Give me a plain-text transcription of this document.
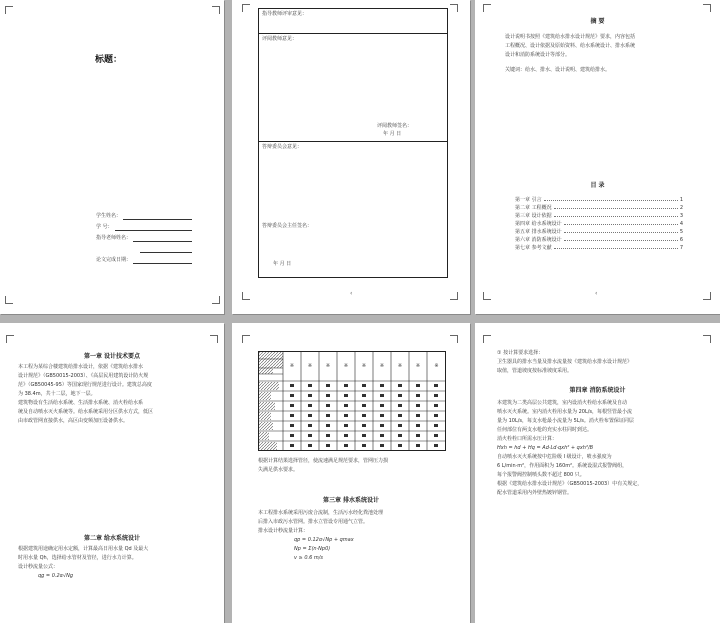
标题：
学生姓名：
学 号：
指导老师姓名：
论文完成日期：
指导教师评审意见：
评阅教师意见：
评阅教师签名：
年 月 日
答辩委员会意见：
答辩委员会主任签名：
年 月 日
‹
摘 要
设计说明书按照《建筑给水排水设计规范》要求，内容包括
工程概况、设计依据及原始资料、给水系统设计、排水系统
设计和消防系统设计等部分。
关键词：给水、排水、设计说明、建筑给排水。
目 录
第一章 引言	1
第二章 工程概况	2
第三章 设计依据	3
第四章 给水系统设计	4
第五章 排水系统设计	5
第六章 消防系统设计	6
第七章 参考文献	7
‹
第一章 设计技术要点
本工程为某综合楼建筑给排水设计，依据《建筑给水排水
设计规范》（GB50015-2003）、《高层民用建筑设计防火规
范》（GB50045-95）等国家现行规范进行设计。建筑总高度
为 38.4m，共十二层，地下一层。
建筑物设有生活给水系统、生活排水系统、消火栓给水系
统及自动喷水灭火系统等。给水系统采用分区供水方式，低区
由市政管网直接供水，高区由变频加压设备供水。
第二章 给水系统设计
根据建筑用途确定用水定额，计算最高日用水量 Qd 及最大
时用水量 Qh，选择给水管材及管径，进行水力计算。
设计秒流量公式：
qg = 0.2α√Ng
※	※	※	※	※	※	※	※	※
根据计算结果选择管径，使流速满足规范要求，管网压力损
失满足供水要求。
第三章 排水系统设计
本工程排水系统采用污废合流制，生活污水经化粪池处理
后排入市政污水管网。排水立管设专用通气立管。
排水设计秒流量计算：
qp = 0.12α√Np + qmax
Np = Σ(n·Np0)
v ≥ 0.6 m/s
① 按计算要求选择：
卫生器具的排水当量及排水流量按《建筑给水排水设计规范》
取值，管道坡度按标准坡度采用。
第四章 消防系统设计
本建筑为二类高层公共建筑，室内设消火栓给水系统及自动
喷水灭火系统。室内消火栓用水量为 20L/s，每根竖管最小流
量为 10L/s，每支水枪最小流量为 5L/s。消火栓布置保证同层
任何部位有两支水枪的充实水柱同时到达。
消火栓栓口所需水压计算：
Hxh = hd + Hq = Ad·Ld·qxh² + qxh²/B
自动喷水灭火系统按中危险级 I 级设计，喷水强度为
6 L/min·m²，作用面积为 160m²。系统设湿式报警阀组，
每个报警阀控制喷头数不超过 800 只。
根据《建筑给水排水设计规范》（GB50015-2003）中有关规定，
配水管道采用内外壁热镀锌钢管。
